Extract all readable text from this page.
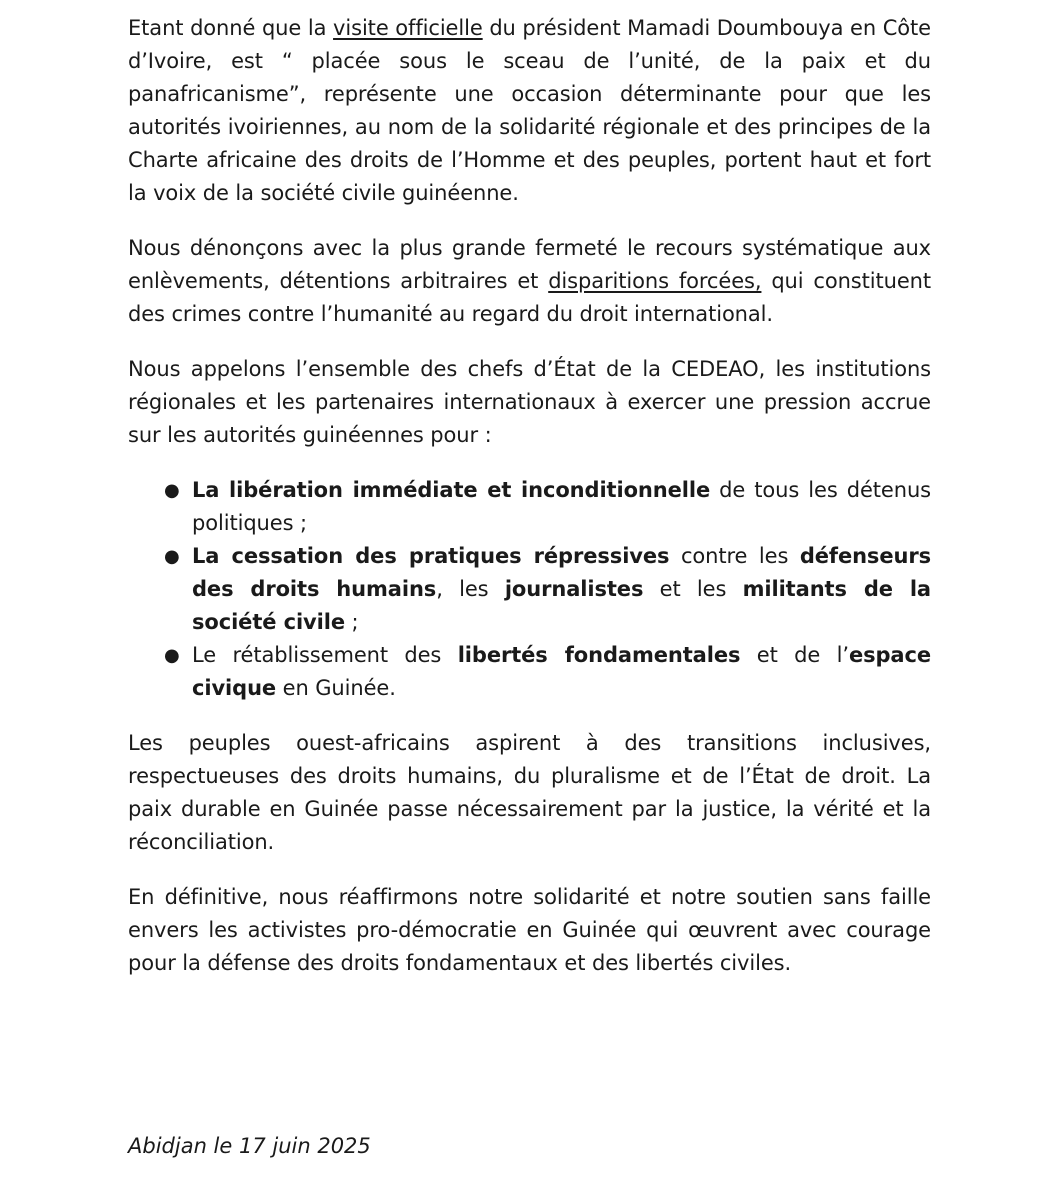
Etant donné que la visite officielle du président Mamadi Doumbouya en Côte d’Ivoire, est “ placée sous le sceau de l’unité, de la paix et du panafricanisme”, représente une occasion déterminante pour que les autorités ivoiriennes, au nom de la solidarité régionale et des principes de la Charte africaine des droits de l’Homme et des peuples, portent haut et fort la voix de la société civile guinéenne.

Nous dénonçons avec la plus grande fermeté le recours systématique aux enlèvements, détentions arbitraires et disparitions forcées, qui constituent des crimes contre l’humanité au regard du droit international.

Nous appelons l’ensemble des chefs d’État de la CEDEAO, les institutions régionales et les partenaires internationaux à exercer une pression accrue sur les autorités guinéennes pour :

● La libération immédiate et inconditionnelle de tous les détenus politiques ;
● La cessation des pratiques répressives contre les défenseurs des droits humains, les journalistes et les militants de la société civile ;
● Le rétablissement des libertés fondamentales et de l’espace civique en Guinée.

Les peuples ouest-africains aspirent à des transitions inclusives, respectueuses des droits humains, du pluralisme et de l’État de droit. La paix durable en Guinée passe nécessairement par la justice, la vérité et la réconciliation.

En définitive, nous réaffirmons notre solidarité et notre soutien sans faille envers les activistes pro-démocratie en Guinée qui œuvrent avec courage pour la défense des droits fondamentaux et des libertés civiles.

Abidjan le 17 juin 2025
